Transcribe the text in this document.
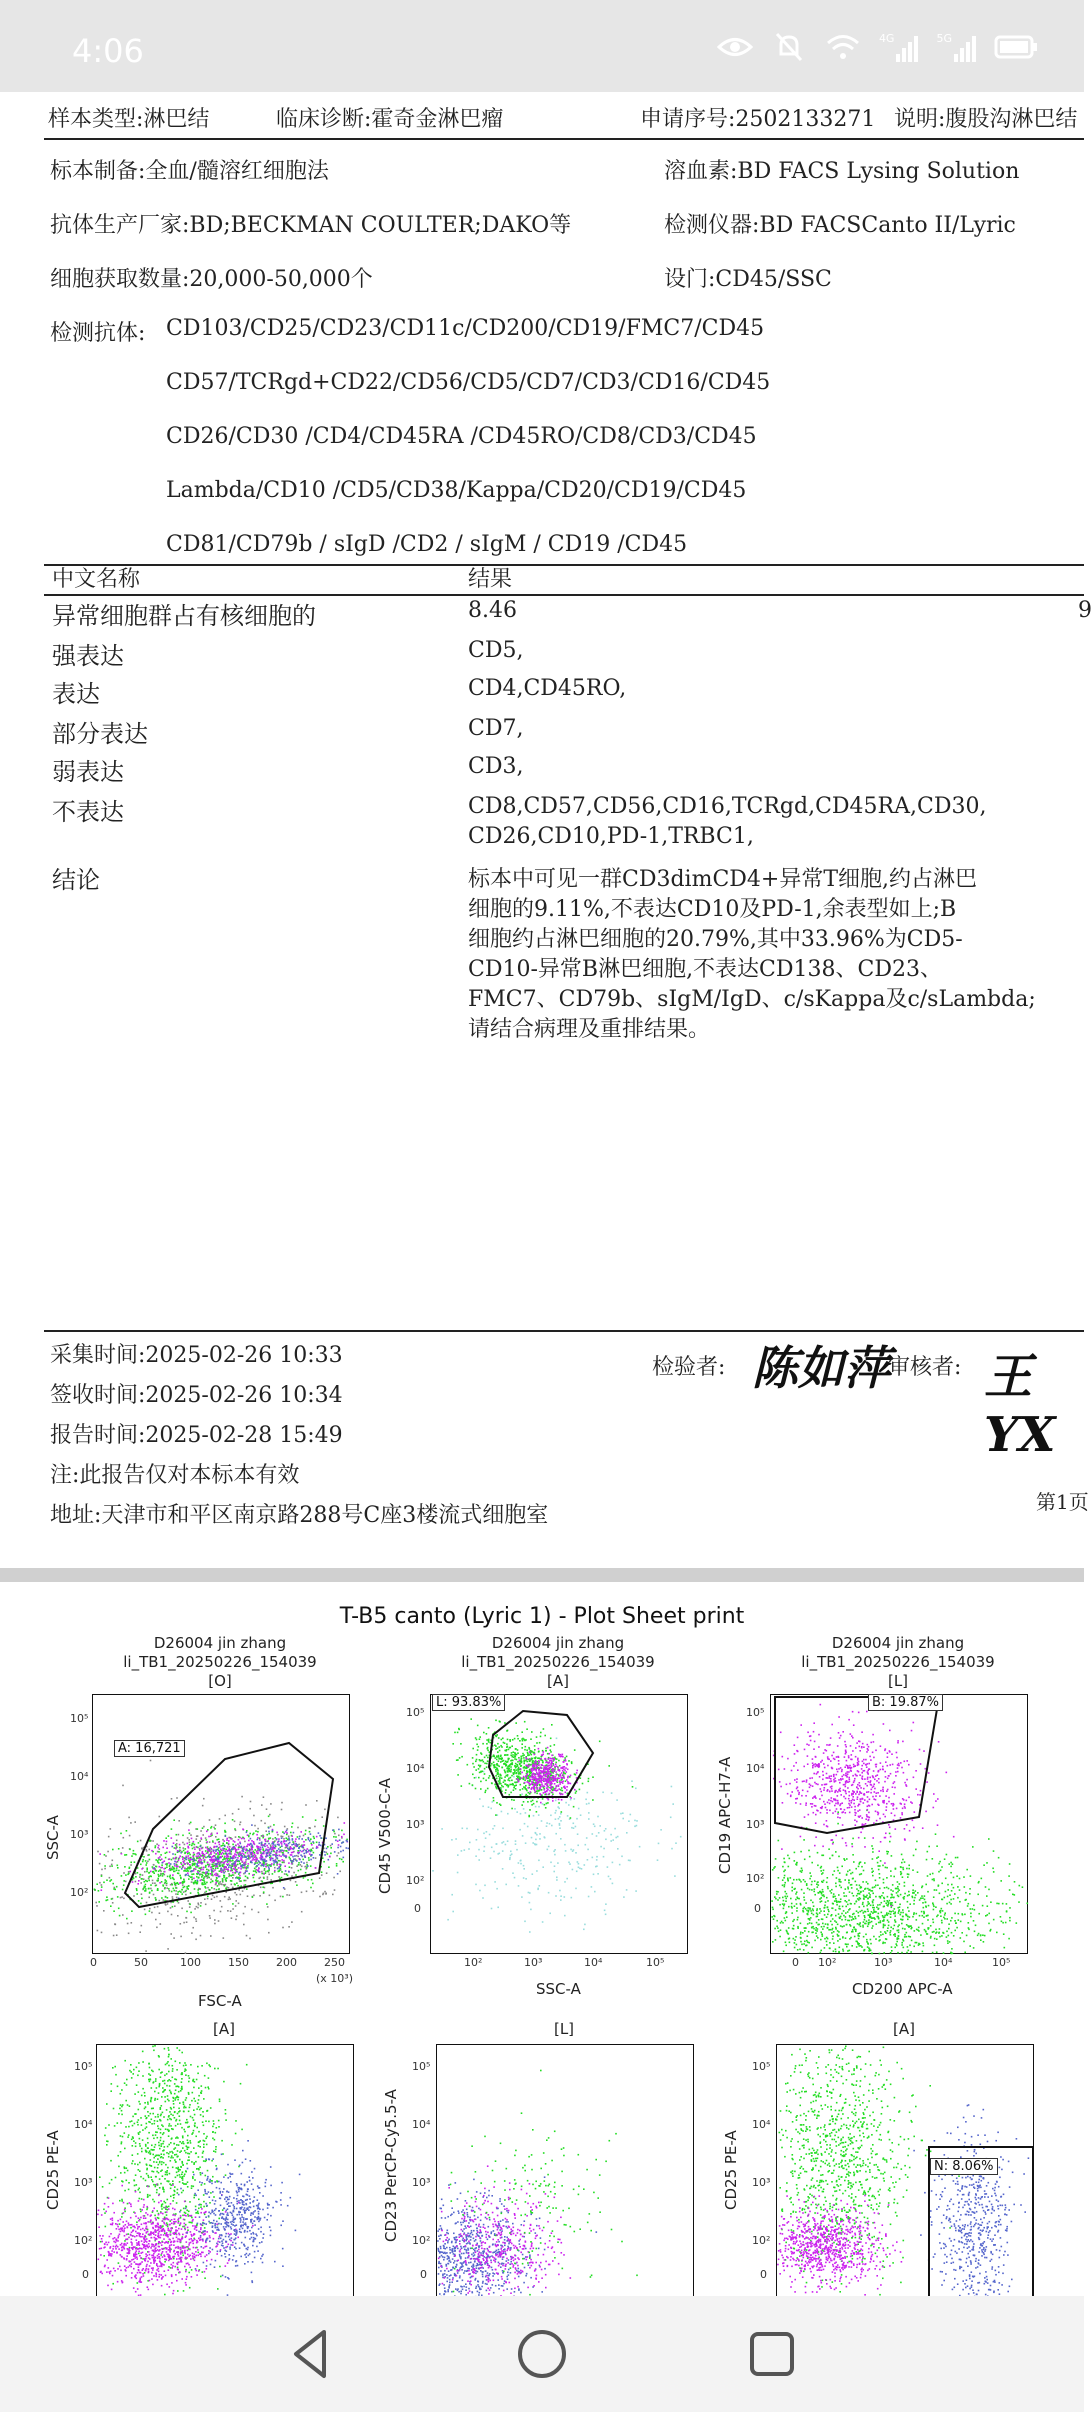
4:06	4G	5G
样本类型:淋巴结	临床诊断:霍奇金淋巴瘤	申请序号:2502133271 说明:腹股沟淋巴结
标本制备:全血/髓溶红细胞法	溶血素:BD FACS Lysing Solution
抗体生产厂家:BD;BECKMAN COULTER;DAKO等	检测仪器:BD FACSCanto II/Lyric
细胞获取数量:20,000-50,000个	设门:CD45/SSC
检测抗体: CD103/CD25/CD23/CD11c/CD200/CD19/FMC7/CD45
CD57/TCRgd+CD22/CD56/CD5/CD7/CD3/CD16/CD45
CD26/CD30 /CD4/CD45RA /CD45RO/CD8/CD3/CD45
Lambda/CD10 /CD5/CD38/Kappa/CD20/CD19/CD45
CD81/CD79b / sIgD /CD2 / sIgM / CD19 /CD45
中文名称	结果
异常细胞群占有核细胞的	8.46	9
强表达	CD5,
表达	CD4,CD45RO,
部分表达	CD7,
弱表达	CD3,
不表达	CD8,CD57,CD56,CD16,TCRgd,CD45RA,CD30,
CD26,CD10,PD-1,TRBC1,
结论	标本中可见一群CD3dimCD4+异常T细胞,约占淋巴
细胞的9.11%,不表达CD10及PD-1,余表型如上;B
细胞约占淋巴细胞的20.79%,其中33.96%为CD5-
CD10-异常B淋巴细胞,不表达CD138、CD23、
FMC7、CD79b、sIgM/IgD、c/sKappa及c/sLambda;
请结合病理及重排结果。
采集时间:2025-02-26 10:33
签收时间:2025-02-26 10:34
报告时间:2025-02-28 15:49
注:此报告仅对本标本有效
地址:天津市和平区南京路288号C座3楼流式细胞室
检验者: 陈如萍
审核者: 王 YX
第1页
T-B5 canto (Lyric 1) - Plot Sheet print
D26004 jin zhang
li_TB1_20250226_154039
[O]
SSC-A
FSC-A
0	50	100 150 200 250
(x 10³)
10⁵
10⁴
10³
10²
A: 16,721
D26004 jin zhang
li_TB1_20250226_154039
[A]
CD45 V500-C-A
SSC-A
10²	10³	10⁴	10⁵
10⁵
10⁴
10³
10²
0
L: 93.83%
D26004 jin zhang
li_TB1_20250226_154039
[L]
CD19 APC-H7-A
CD200 APC-A
0 10²	10³	10⁴	10⁵
10⁵
10⁴
10³
10²
0
B: 19.87%
[A]
CD25 PE-A
10⁵
10⁴
10³
10²
0
[L]
CD23 PerCP-Cy5.5-A
10⁵
10⁴
10³
10²
0
[A]
CD25 PE-A
10⁵
10⁴
10³
10²
0
N: 8.06%
